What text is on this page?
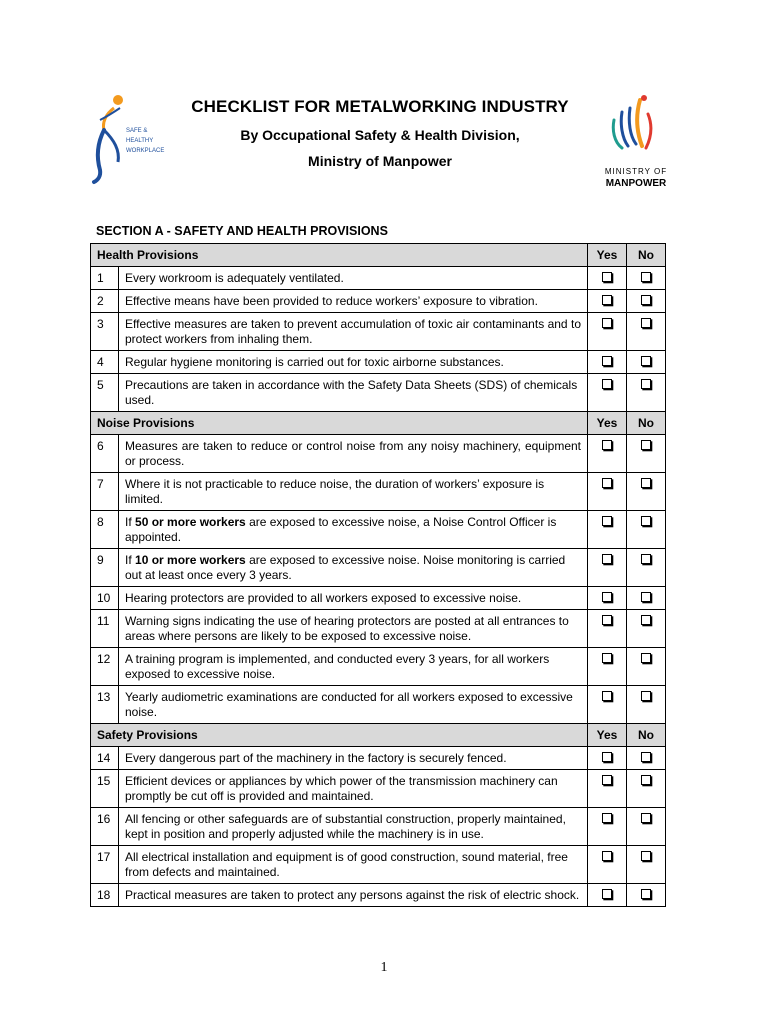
SAFE &
HEALTHY
WORKPLACE
CHECKLIST FOR METALWORKING INDUSTRY
By Occupational Safety & Health Division,
Ministry of Manpower
MINISTRY OF
MANPOWER
SECTION A - SAFETY AND HEALTH PROVISIONS
Health Provisions		Yes	No
1	Every workroom is adequately ventilated.		
2	Effective means have been provided to reduce workers’ exposure to vibration.		
3	Effective measures are taken to prevent accumulation of toxic air contaminants and to protect workers from inhaling them.		
4	Regular hygiene monitoring is carried out for toxic airborne substances.		
5	Precautions are taken in accordance with the Safety Data Sheets (SDS) of chemicals used.		
Noise Provisions		Yes	No
6	Measures are taken to reduce or control noise from any noisy machinery, equipment or process.		
7	Where it is not practicable to reduce noise, the duration of workers’ exposure is limited.		
8	If 50 or more workers are exposed to excessive noise, a Noise Control Officer is appointed.		
9	If 10 or more workers are exposed to excessive noise. Noise monitoring is carried out at least once every 3 years.		
10	Hearing protectors are provided to all workers exposed to excessive noise.		
11	Warning signs indicating the use of hearing protectors are posted at all entrances to areas where persons are likely to be exposed to excessive noise.		
12	A training program is implemented, and conducted every 3 years, for all workers exposed to excessive noise.		
13	Yearly audiometric examinations are conducted for all workers exposed to excessive noise.		
Safety Provisions		Yes	No
14	Every dangerous part of the machinery in the factory is securely fenced.		
15	Efficient devices or appliances by which power of the transmission machinery can promptly be cut off is provided and maintained.		
16	All fencing or other safeguards are of substantial construction, properly maintained, kept in position and properly adjusted while the machinery is in use.		
17	All electrical installation and equipment is of good construction, sound material, free from defects and maintained.		
18	Practical measures are taken to protect any persons against the risk of electric shock.		
1
